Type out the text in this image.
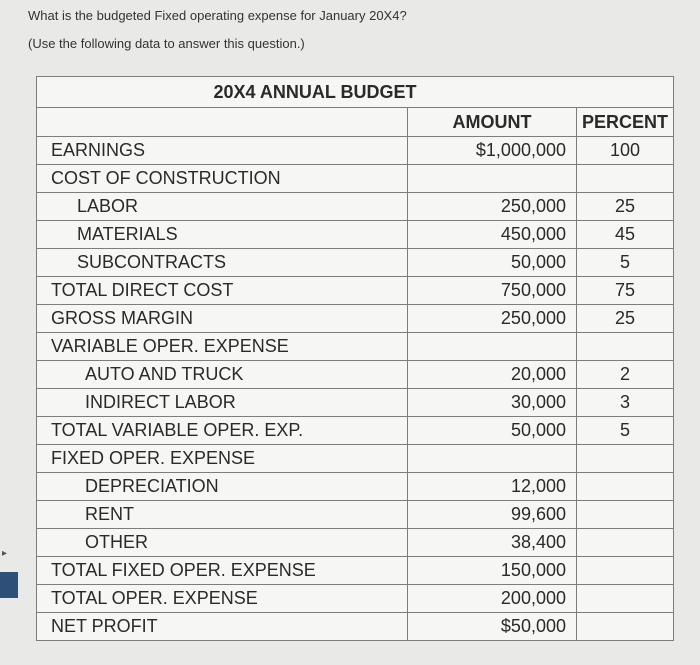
What is the budgeted Fixed operating expense for January 20X4?
(Use the following data to answer this question.)
▸
20X4 ANNUAL BUDGET		
	AMOUNT	PERCENT
EARNINGS	$1,000,000	100
COST OF CONSTRUCTION		
LABOR	250,000	25
MATERIALS	450,000	45
SUBCONTRACTS	50,000	5
TOTAL DIRECT COST	750,000	75
GROSS MARGIN	250,000	25
VARIABLE OPER. EXPENSE		
AUTO AND TRUCK	20,000	2
INDIRECT LABOR	30,000	3
TOTAL VARIABLE OPER. EXP.	50,000	5
FIXED OPER. EXPENSE		
DEPRECIATION	12,000	
RENT	99,600	
OTHER	38,400	
TOTAL FIXED OPER. EXPENSE	150,000	
TOTAL OPER. EXPENSE	200,000	
NET PROFIT	$50,000	
